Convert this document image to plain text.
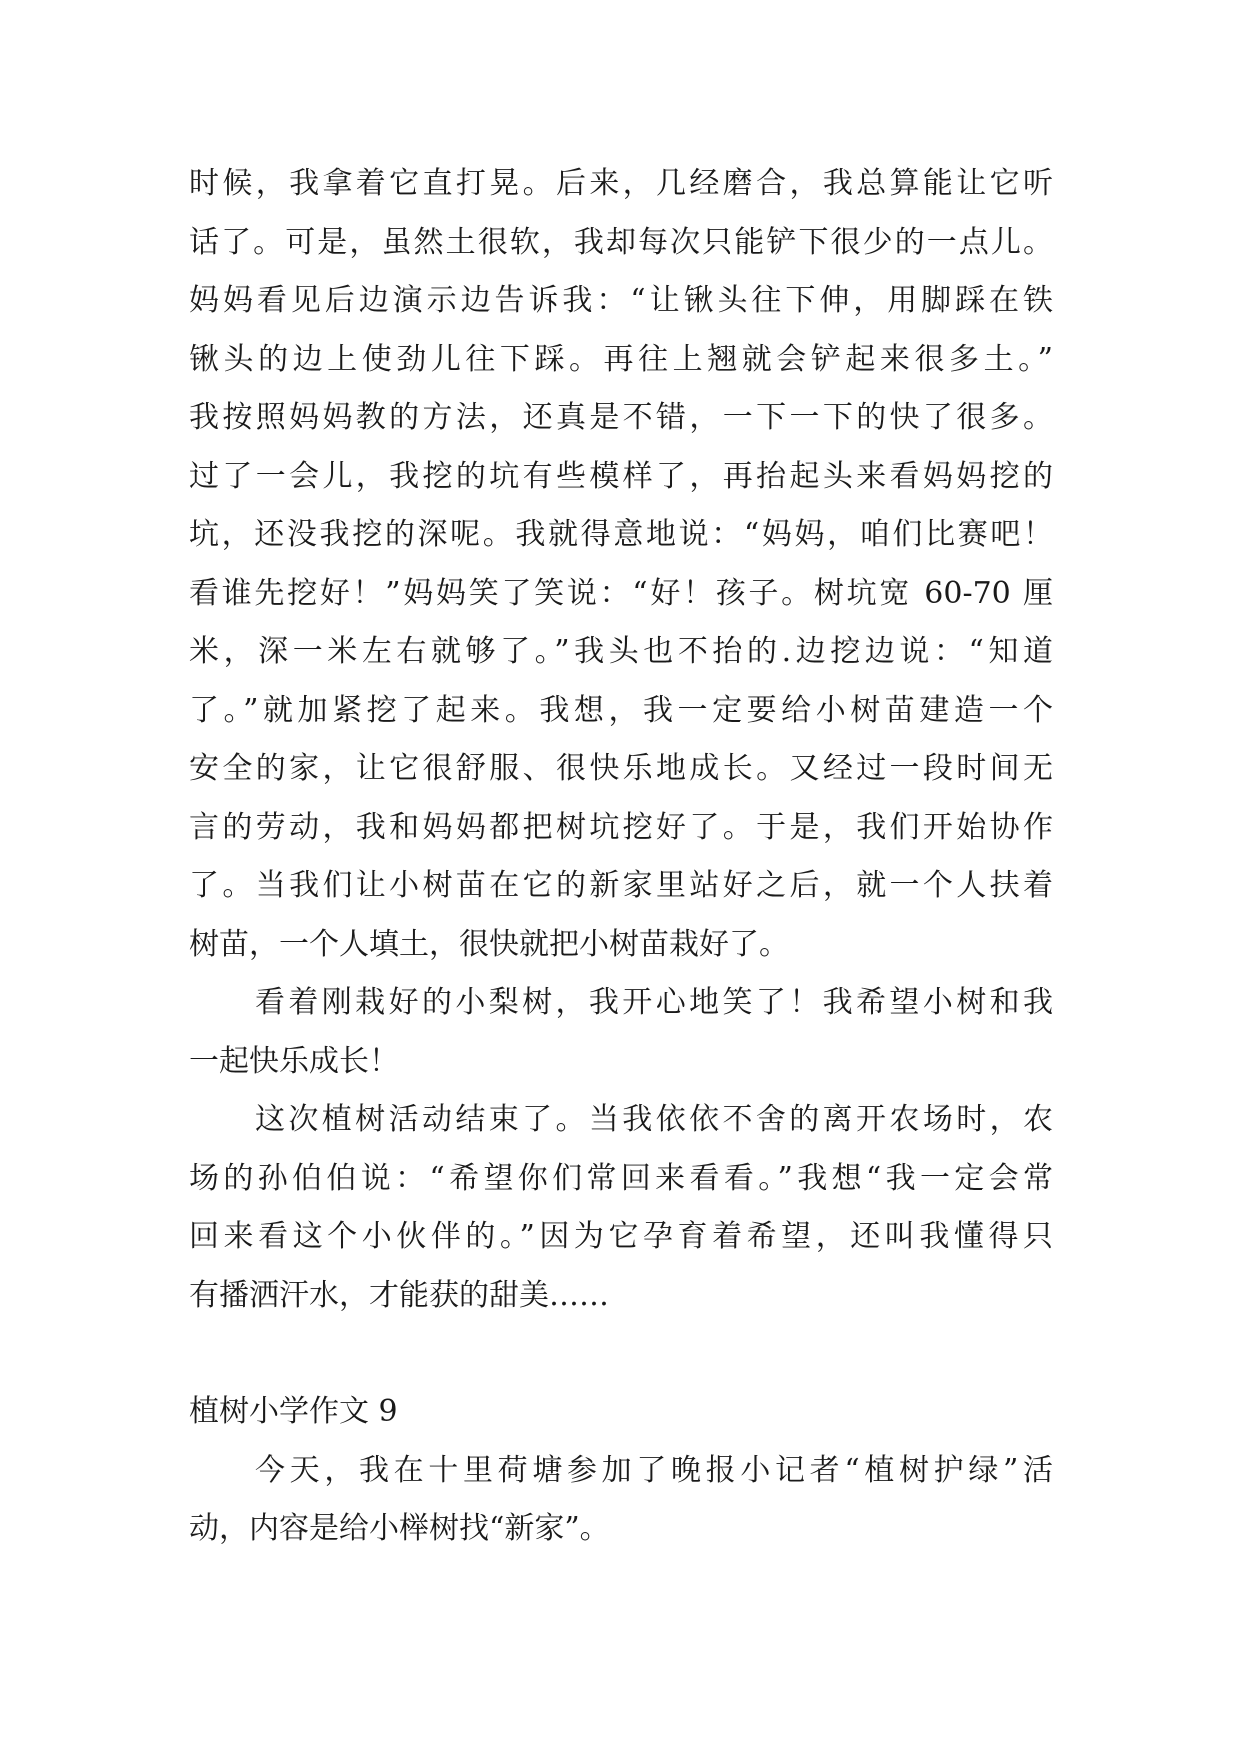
时候，我拿着它直打晃。后来，几经磨合，我总算能让它听
话了。可是，虽然土很软，我却每次只能铲下很少的一点儿。
妈妈看见后边演示边告诉我：“让锹头往下伸，用脚踩在铁
锹头的边上使劲儿往下踩。再往上翘就会铲起来很多土。”
我按照妈妈教的方法，还真是不错，一下一下的快了很多。
过了一会儿，我挖的坑有些模样了，再抬起头来看妈妈挖的
坑，还没我挖的深呢。我就得意地说：“妈妈，咱们比赛吧！
看谁先挖好！”妈妈笑了笑说：“好！孩子。树坑宽 60-70 厘
米，深一米左右就够了。”我头也不抬的.边挖边说：“知道
了。”就加紧挖了起来。我想，我一定要给小树苗建造一个
安全的家，让它很舒服、很快乐地成长。又经过一段时间无
言的劳动，我和妈妈都把树坑挖好了。于是，我们开始协作
了。当我们让小树苗在它的新家里站好之后，就一个人扶着
树苗，一个人填土，很快就把小树苗栽好了。
看着刚栽好的小梨树，我开心地笑了！我希望小树和我
一起快乐成长！
这次植树活动结束了。当我依依不舍的离开农场时，农
场的孙伯伯说：“希望你们常回来看看。”我想“我一定会常
回来看这个小伙伴的。”因为它孕育着希望，还叫我懂得只
有播洒汗水，才能获的甜美……
植树小学作文 9
今天，我在十里荷塘参加了晚报小记者“植树护绿”活
动，内容是给小榉树找“新家”。
